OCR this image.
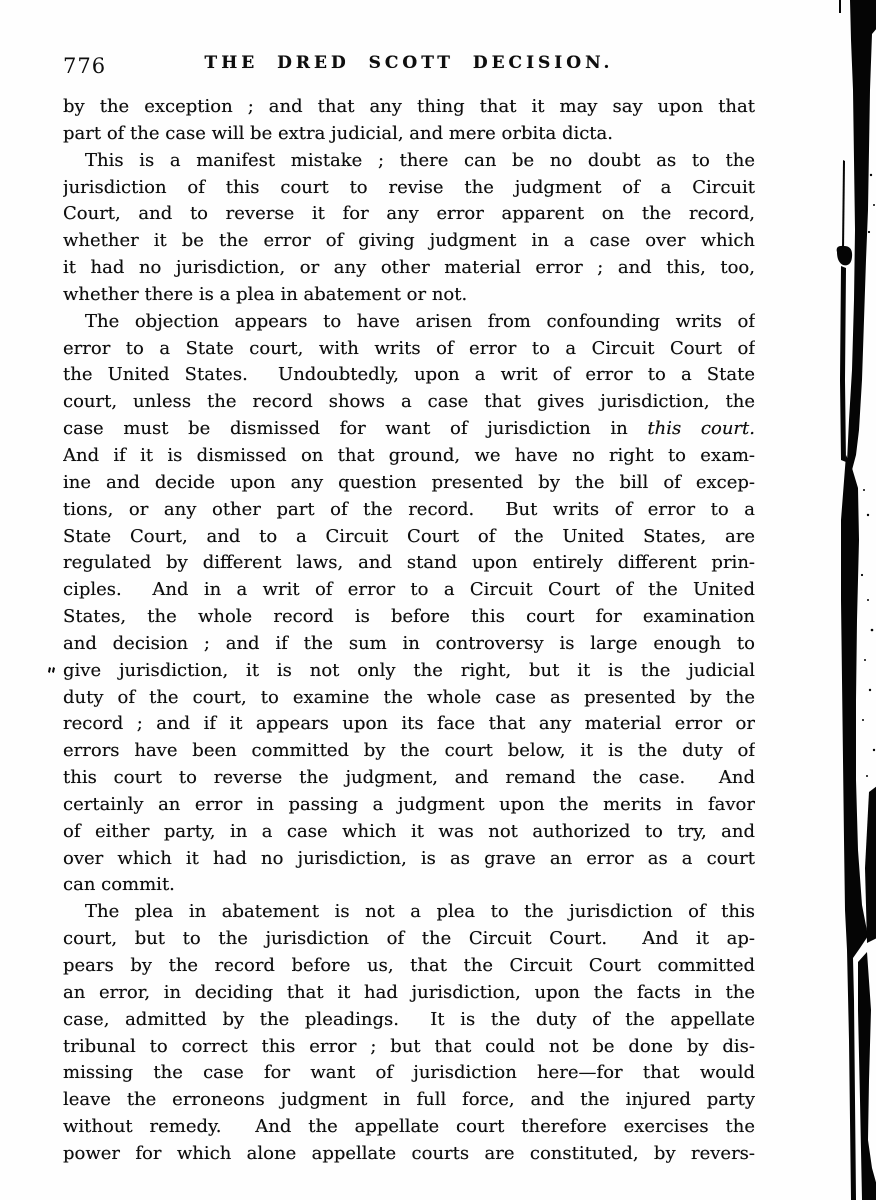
776	THE DRED SCOTT DECISION.
by the exception ; and that any thing that it may say upon that
part of the case will be extra judicial, and mere orbita dicta.
This is a manifest mistake ; there can be no doubt as to the
jurisdiction of this court to revise the judgment of a Circuit
Court, and to reverse it for any error apparent on the record,
whether it be the error of giving judgment in a case over which
it had no jurisdiction, or any other material error ; and this, too,
whether there is a plea in abatement or not.
The objection appears to have arisen from confounding writs of
error to a State court, with writs of error to a Circuit Court of
the United States.  Undoubtedly, upon a writ of error to a State
court, unless the record shows a case that gives jurisdiction, the
case must be dismissed for want of jurisdiction in this court.
And if it is dismissed on that ground, we have no right to exam-
ine and decide upon any question presented by the bill of excep-
tions, or any other part of the record.  But writs of error to a
State Court, and to a Circuit Court of the United States, are
regulated by different laws, and stand upon entirely different prin-
ciples.  And in a writ of error to a Circuit Court of the United
States, the whole record is before this court for examination
and decision ; and if the sum in controversy is large enough to
give jurisdiction, it is not only the right, but it is the judicial
duty of the court, to examine the whole case as presented by the
record ; and if it appears upon its face that any material error or
errors have been committed by the court below, it is the duty of
this court to reverse the judgment, and remand the case.  And
certainly an error in passing a judgment upon the merits in favor
of either party, in a case which it was not authorized to try, and
over which it had no jurisdiction, is as grave an error as a court
can commit.
The plea in abatement is not a plea to the jurisdiction of this
court, but to the jurisdiction of the Circuit Court.  And it ap-
pears by the record before us, that the Circuit Court committed
an error, in deciding that it had jurisdiction, upon the facts in the
case, admitted by the pleadings.  It is the duty of the appellate
tribunal to correct this error ; but that could not be done by dis-
missing the case for want of jurisdiction here—for that would
leave the erroneons judgment in full force, and the injured party
without remedy.  And the appellate court therefore exercises the
power for which alone appellate courts are constituted, by revers-
